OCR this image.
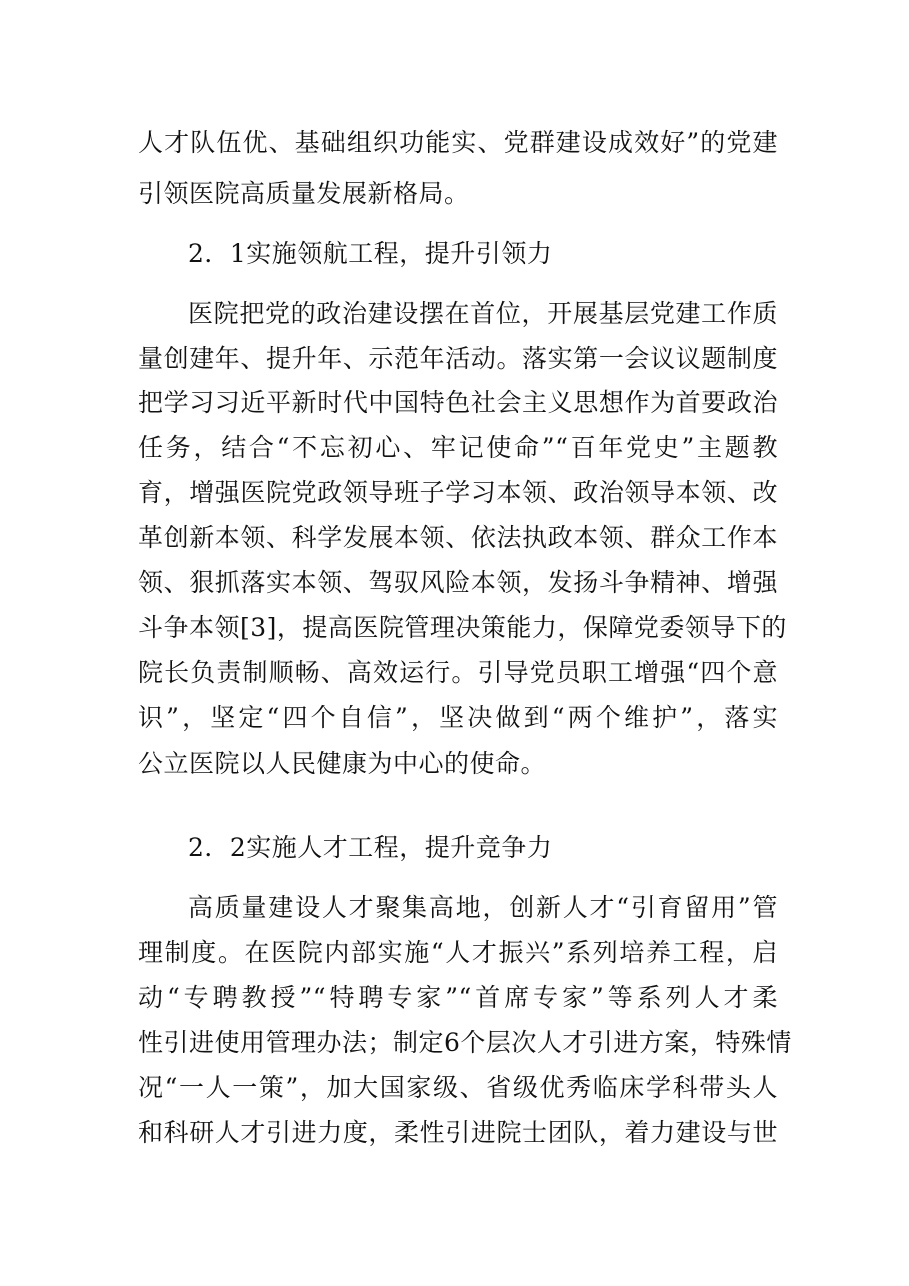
人才队伍优、基础组织功能实、党群建设成效好”的党建
引领医院高质量发展新格局。
2．1实施领航工程，提升引领力
医院把党的政治建设摆在首位，开展基层党建工作质
量创建年、提升年、示范年活动。落实第一会议议题制度
把学习习近平新时代中国特色社会主义思想作为首要政治
任务，结合“不忘初心、牢记使命”“百年党史”主题教
育，增强医院党政领导班子学习本领、政治领导本领、改
革创新本领、科学发展本领、依法执政本领、群众工作本
领、狠抓落实本领、驾驭风险本领，发扬斗争精神、增强
斗争本领[3]，提高医院管理决策能力，保障党委领导下的
院长负责制顺畅、高效运行。引导党员职工增强“四个意
识”，坚定“四个自信”，坚决做到“两个维护”，落实
公立医院以人民健康为中心的使命。
2．2实施人才工程，提升竞争力
高质量建设人才聚集高地，创新人才“引育留用”管
理制度。在医院内部实施“人才振兴”系列培养工程，启
动“专聘教授”“特聘专家”“首席专家”等系列人才柔
性引进使用管理办法；制定6个层次人才引进方案，特殊情
况“一人一策”，加大国家级、省级优秀临床学科带头人
和科研人才引进力度，柔性引进院士团队，着力建设与世
